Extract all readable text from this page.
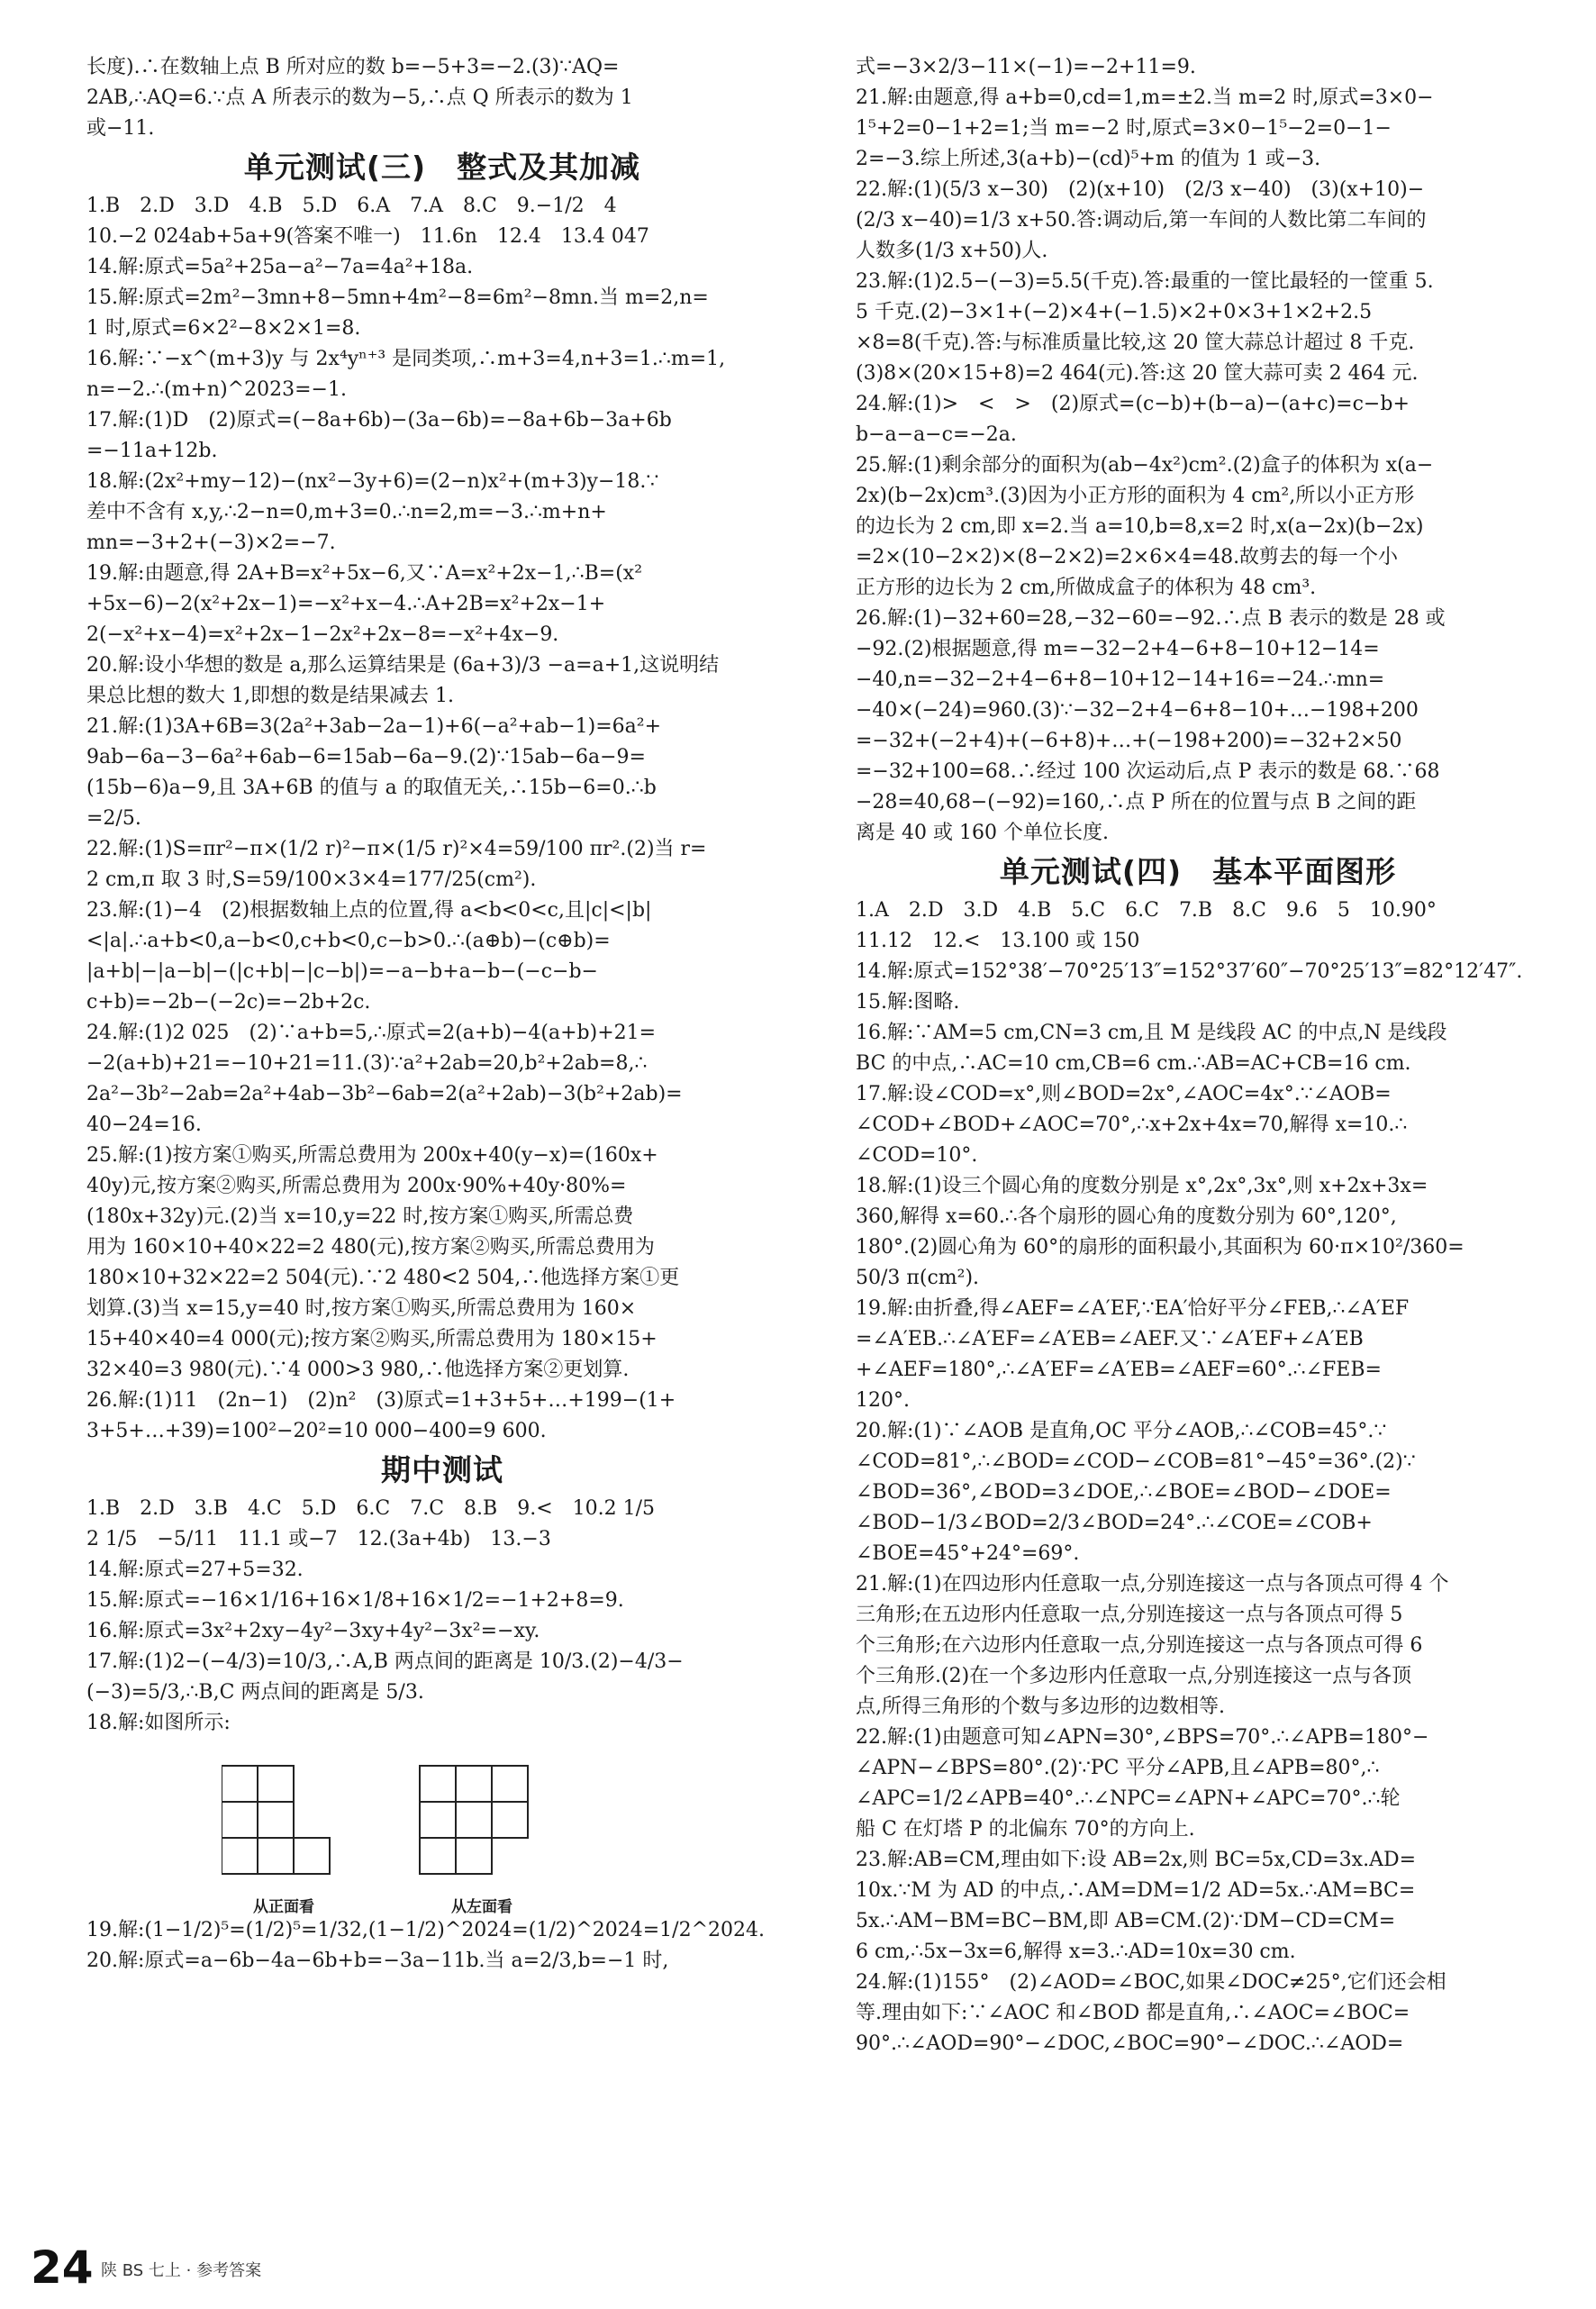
长度).∴在数轴上点 B 所对应的数 b=−5+3=−2.(3)∵AQ=
2AB,∴AQ=6.∵点 A 所表示的数为−5,∴点 Q 所表示的数为 1
或−11.
单元测试(三)　整式及其加减
1.B　2.D　3.D　4.B　5.D　6.A　7.A　8.C　9.−1/2　4
10.−2 024ab+5a+9(答案不唯一)　11.6n　12.4　13.4 047
14.解:原式=5a²+25a−a²−7a=4a²+18a.
15.解:原式=2m²−3mn+8−5mn+4m²−8=6m²−8mn.当 m=2,n=
1 时,原式=6×2²−8×2×1=8.
16.解:∵−x^(m+3)y 与 2x⁴yⁿ⁺³ 是同类项,∴m+3=4,n+3=1.∴m=1,
n=−2.∴(m+n)^2023=−1.
17.解:(1)D　(2)原式=(−8a+6b)−(3a−6b)=−8a+6b−3a+6b
=−11a+12b.
18.解:(2x²+my−12)−(nx²−3y+6)=(2−n)x²+(m+3)y−18.∵
差中不含有 x,y,∴2−n=0,m+3=0.∴n=2,m=−3.∴m+n+
mn=−3+2+(−3)×2=−7.
19.解:由题意,得 2A+B=x²+5x−6,又∵A=x²+2x−1,∴B=(x²
+5x−6)−2(x²+2x−1)=−x²+x−4.∴A+2B=x²+2x−1+
2(−x²+x−4)=x²+2x−1−2x²+2x−8=−x²+4x−9.
20.解:设小华想的数是 a,那么运算结果是 (6a+3)/3 −a=a+1,这说明结
果总比想的数大 1,即想的数是结果减去 1.
21.解:(1)3A+6B=3(2a²+3ab−2a−1)+6(−a²+ab−1)=6a²+
9ab−6a−3−6a²+6ab−6=15ab−6a−9.(2)∵15ab−6a−9=
(15b−6)a−9,且 3A+6B 的值与 a 的取值无关,∴15b−6=0.∴b
=2/5.
22.解:(1)S=πr²−π×(1/2 r)²−π×(1/5 r)²×4=59/100 πr².(2)当 r=
2 cm,π 取 3 时,S=59/100×3×4=177/25(cm²).
23.解:(1)−4　(2)根据数轴上点的位置,得 a<b<0<c,且|c|<|b|
<|a|.∴a+b<0,a−b<0,c+b<0,c−b>0.∴(a⊕b)−(c⊕b)=
|a+b|−|a−b|−(|c+b|−|c−b|)=−a−b+a−b−(−c−b−
c+b)=−2b−(−2c)=−2b+2c.
24.解:(1)2 025　(2)∵a+b=5,∴原式=2(a+b)−4(a+b)+21=
−2(a+b)+21=−10+21=11.(3)∵a²+2ab=20,b²+2ab=8,∴
2a²−3b²−2ab=2a²+4ab−3b²−6ab=2(a²+2ab)−3(b²+2ab)=
40−24=16.
25.解:(1)按方案①购买,所需总费用为 200x+40(y−x)=(160x+
40y)元,按方案②购买,所需总费用为 200x·90%+40y·80%=
(180x+32y)元.(2)当 x=10,y=22 时,按方案①购买,所需总费
用为 160×10+40×22=2 480(元),按方案②购买,所需总费用为
180×10+32×22=2 504(元).∵2 480<2 504,∴他选择方案①更
划算.(3)当 x=15,y=40 时,按方案①购买,所需总费用为 160×
15+40×40=4 000(元);按方案②购买,所需总费用为 180×15+
32×40=3 980(元).∵4 000>3 980,∴他选择方案②更划算.
26.解:(1)11　(2n−1)　(2)n²　(3)原式=1+3+5+…+199−(1+
3+5+…+39)=100²−20²=10 000−400=9 600.
期中测试
1.B　2.D　3.B　4.C　5.D　6.C　7.C　8.B　9.<　10.2 1/5
2 1/5　−5/11　11.1 或−7　12.(3a+4b)　13.−3
14.解:原式=27+5=32.
15.解:原式=−16×1/16+16×1/8+16×1/2=−1+2+8=9.
16.解:原式=3x²+2xy−4y²−3xy+4y²−3x²=−xy.
17.解:(1)2−(−4/3)=10/3,∴A,B 两点间的距离是 10/3.(2)−4/3−
(−3)=5/3,∴B,C 两点间的距离是 5/3.
18.解:如图所示:
从正面看	从左面看
19.解:(1−1/2)⁵=(1/2)⁵=1/32,(1−1/2)^2024=(1/2)^2024=1/2^2024.
20.解:原式=a−6b−4a−6b+b=−3a−11b.当 a=2/3,b=−1 时,
式=−3×2/3−11×(−1)=−2+11=9.
21.解:由题意,得 a+b=0,cd=1,m=±2.当 m=2 时,原式=3×0−
1⁵+2=0−1+2=1;当 m=−2 时,原式=3×0−1⁵−2=0−1−
2=−3.综上所述,3(a+b)−(cd)⁵+m 的值为 1 或−3.
22.解:(1)(5/3 x−30)　(2)(x+10)　(2/3 x−40)　(3)(x+10)−
(2/3 x−40)=1/3 x+50.答:调动后,第一车间的人数比第二车间的
人数多(1/3 x+50)人.
23.解:(1)2.5−(−3)=5.5(千克).答:最重的一筐比最轻的一筐重 5.
5 千克.(2)−3×1+(−2)×4+(−1.5)×2+0×3+1×2+2.5
×8=8(千克).答:与标准质量比较,这 20 筐大蒜总计超过 8 千克.
(3)8×(20×15+8)=2 464(元).答:这 20 筐大蒜可卖 2 464 元.
24.解:(1)>　<　>　(2)原式=(c−b)+(b−a)−(a+c)=c−b+
b−a−a−c=−2a.
25.解:(1)剩余部分的面积为(ab−4x²)cm².(2)盒子的体积为 x(a−
2x)(b−2x)cm³.(3)因为小正方形的面积为 4 cm²,所以小正方形
的边长为 2 cm,即 x=2.当 a=10,b=8,x=2 时,x(a−2x)(b−2x)
=2×(10−2×2)×(8−2×2)=2×6×4=48.故剪去的每一个小
正方形的边长为 2 cm,所做成盒子的体积为 48 cm³.
26.解:(1)−32+60=28,−32−60=−92.∴点 B 表示的数是 28 或
−92.(2)根据题意,得 m=−32−2+4−6+8−10+12−14=
−40,n=−32−2+4−6+8−10+12−14+16=−24.∴mn=
−40×(−24)=960.(3)∵−32−2+4−6+8−10+…−198+200
=−32+(−2+4)+(−6+8)+…+(−198+200)=−32+2×50
=−32+100=68.∴经过 100 次运动后,点 P 表示的数是 68.∵68
−28=40,68−(−92)=160,∴点 P 所在的位置与点 B 之间的距
离是 40 或 160 个单位长度.
单元测试(四)　基本平面图形
1.A　2.D　3.D　4.B　5.C　6.C　7.B　8.C　9.6　5　10.90°
11.12　12.<　13.100 或 150
14.解:原式=152°38′−70°25′13″=152°37′60″−70°25′13″=82°12′47″.
15.解:图略.
16.解:∵AM=5 cm,CN=3 cm,且 M 是线段 AC 的中点,N 是线段
BC 的中点,∴AC=10 cm,CB=6 cm.∴AB=AC+CB=16 cm.
17.解:设∠COD=x°,则∠BOD=2x°,∠AOC=4x°.∵∠AOB=
∠COD+∠BOD+∠AOC=70°,∴x+2x+4x=70,解得 x=10.∴
∠COD=10°.
18.解:(1)设三个圆心角的度数分别是 x°,2x°,3x°,则 x+2x+3x=
360,解得 x=60.∴各个扇形的圆心角的度数分别为 60°,120°,
180°.(2)圆心角为 60°的扇形的面积最小,其面积为 60·π×10²/360=
50/3 π(cm²).
19.解:由折叠,得∠AEF=∠A′EF,∵EA′恰好平分∠FEB,∴∠A′EF
=∠A′EB.∴∠A′EF=∠A′EB=∠AEF.又∵∠A′EF+∠A′EB
+∠AEF=180°,∴∠A′EF=∠A′EB=∠AEF=60°.∴∠FEB=
120°.
20.解:(1)∵∠AOB 是直角,OC 平分∠AOB,∴∠COB=45°.∵
∠COD=81°,∴∠BOD=∠COD−∠COB=81°−45°=36°.(2)∵
∠BOD=36°,∠BOD=3∠DOE,∴∠BOE=∠BOD−∠DOE=
∠BOD−1/3∠BOD=2/3∠BOD=24°.∴∠COE=∠COB+
∠BOE=45°+24°=69°.
21.解:(1)在四边形内任意取一点,分别连接这一点与各顶点可得 4 个
三角形;在五边形内任意取一点,分别连接这一点与各顶点可得 5
个三角形;在六边形内任意取一点,分别连接这一点与各顶点可得 6
个三角形.(2)在一个多边形内任意取一点,分别连接这一点与各顶
点,所得三角形的个数与多边形的边数相等.
22.解:(1)由题意可知∠APN=30°,∠BPS=70°.∴∠APB=180°−
∠APN−∠BPS=80°.(2)∵PC 平分∠APB,且∠APB=80°,∴
∠APC=1/2∠APB=40°.∴∠NPC=∠APN+∠APC=70°.∴轮
船 C 在灯塔 P 的北偏东 70°的方向上.
23.解:AB=CM,理由如下:设 AB=2x,则 BC=5x,CD=3x.AD=
10x.∵M 为 AD 的中点,∴AM=DM=1/2 AD=5x.∴AM=BC=
5x.∴AM−BM=BC−BM,即 AB=CM.(2)∵DM−CD=CM=
6 cm,∴5x−3x=6,解得 x=3.∴AD=10x=30 cm.
24.解:(1)155°　(2)∠AOD=∠BOC,如果∠DOC≠25°,它们还会相
等.理由如下:∵∠AOC 和∠BOD 都是直角,∴∠AOC=∠BOC=
90°.∴∠AOD=90°−∠DOC,∠BOC=90°−∠DOC.∴∠AOD=
24 陕 BS 七上 · 参考答案
